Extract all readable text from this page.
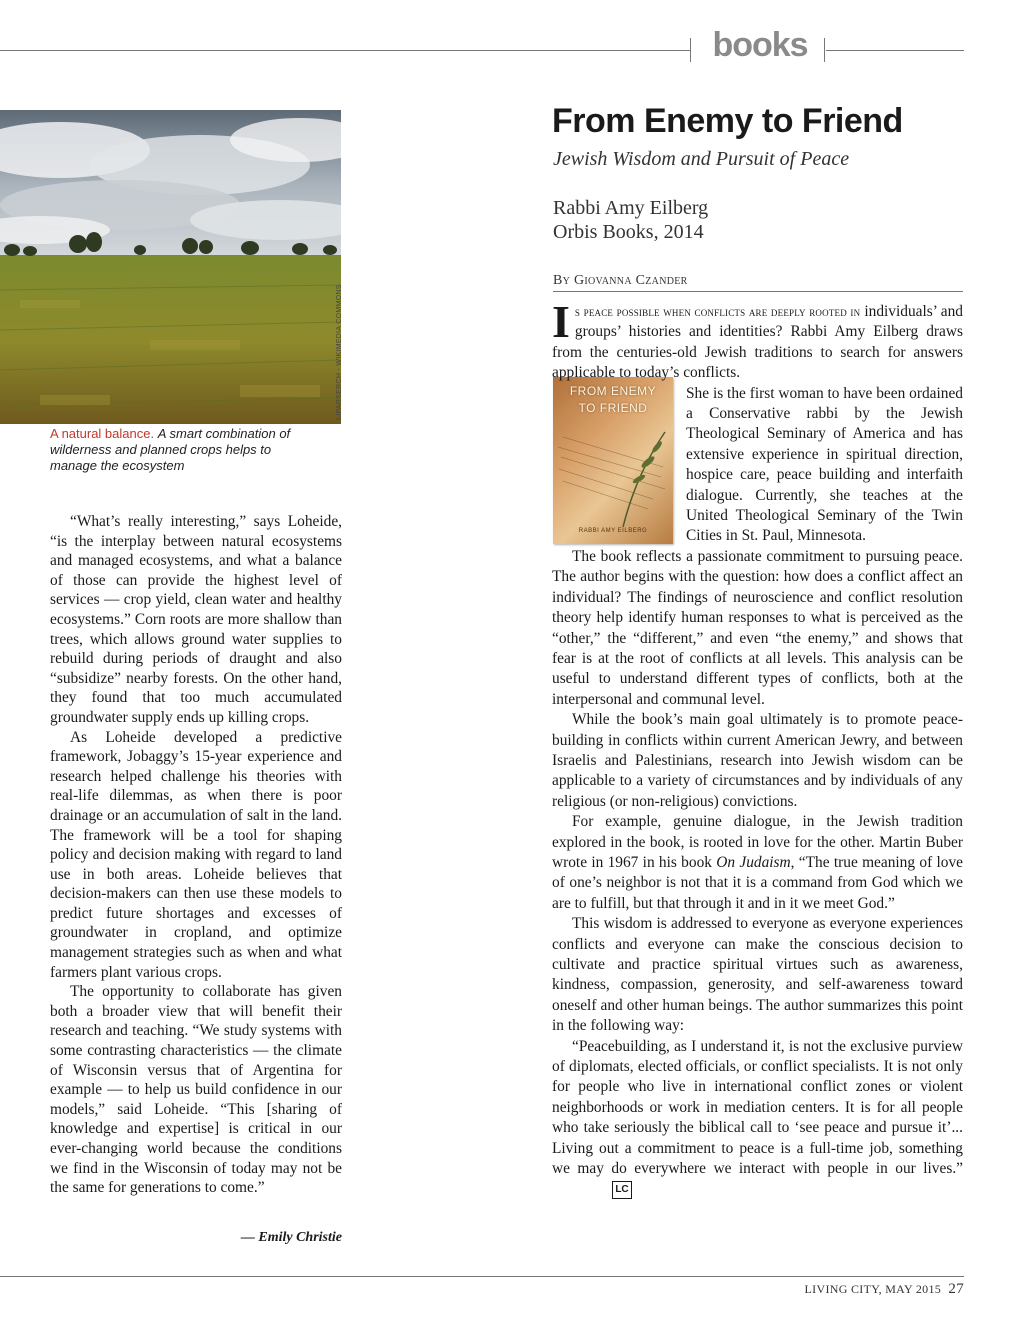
books
LIPARSERCH - WIKIMEDIA COMMONS
A natural balance. A smart combination of wilderness and planned crops helps to manage the ecosystem

“What’s really interesting,” says Loheide, “is the interplay between natural ecosystems and managed ecosystems, and what a balance of those can provide the highest level of services — crop yield, clean water and healthy ecosystems.” Corn roots are more shallow than trees, which allows ground water supplies to rebuild during periods of draught and also “subsidize” nearby forests. On the other hand, they found that too much accumulated groundwater supply ends up killing crops.

As Loheide developed a predictive framework, Jobaggy’s 15-year experience and research helped challenge his theories with real-life dilemmas, as when there is poor drainage or an accumulation of salt in the land. The framework will be a tool for shaping policy and decision making with regard to land use in both areas. Loheide believes that decision-makers can then use these models to predict future shortages and excesses of groundwater in cropland, and optimize management strategies such as when and what farmers plant various crops.

The opportunity to collaborate has given both a broader view that will benefit their research and teaching. “We study systems with some contrasting characteristics — the climate of Wisconsin versus that of Argentina for example — to help us build confidence in our models,” said Loheide. “This [sharing of knowledge and expertise] is critical in our ever-changing world because the conditions we find in the Wisconsin of today may not be the same for generations to come.”

— Emily Christie
From Enemy to Friend
Jewish Wisdom and Pursuit of Peace
Rabbi Amy Eilberg
Orbis Books, 2014
By Giovanna Czander
FROM ENEMY
TO FRIEND
RABBI AMY EILBERG

Is peace possible when conflicts are deeply rooted in individuals’ and groups’ histories and identities? Rabbi Amy Eilberg draws from the centuries-old Jewish traditions to search for answers applicable to today’s conflicts.

She is the first woman to have been ordained a Conservative rabbi by the Jewish Theological Seminary of America and has extensive experience in spiritual direction, hospice care, peace building and interfaith dialogue. Currently, she teaches at the United Theological Seminary of the Twin Cities in St. Paul, Minnesota.

The book reflects a passionate commitment to pursuing peace. The author begins with the question: how does a conflict affect an individual? The findings of neuroscience and conflict resolution theory help identify human responses to what is perceived as the “other,” the “different,” and even “the enemy,” and shows that fear is at the root of conflicts at all levels. This analysis can be useful to understand different types of conflicts, both at the interpersonal and communal level.

While the book’s main goal ultimately is to promote peace-building in conflicts within current American Jewry, and between Israelis and Palestinians, research into Jewish wisdom can be applicable to a variety of circumstances and by individuals of any religious (or non-religious) convictions.

For example, genuine dialogue, in the Jewish tradition explored in the book, is rooted in love for the other. Martin Buber wrote in 1967 in his book On Judaism, “The true meaning of love of one’s neighbor is not that it is a command from God which we are to fulfill, but that through it and in it we meet God.”

This wisdom is addressed to everyone as everyone experiences conflicts and everyone can make the conscious decision to cultivate and practice spiritual virtues such as awareness, kindness, compassion, generosity, and self-awareness toward oneself and other human beings. The author summarizes this point in the following way:

“Peacebuilding, as I understand it, is not the exclusive purview of diplomats, elected officials, or conflict specialists. It is not only for people who live in international conflict zones or violent neighborhoods or work in mediation centers. It is for all people who take seriously the biblical call to ‘see peace and pursue it’... Living out a commitment to peace is a full-time job, something we may do everywhere we interact with people in our lives.”LC

LIVING CITY, MAY 2015 27
